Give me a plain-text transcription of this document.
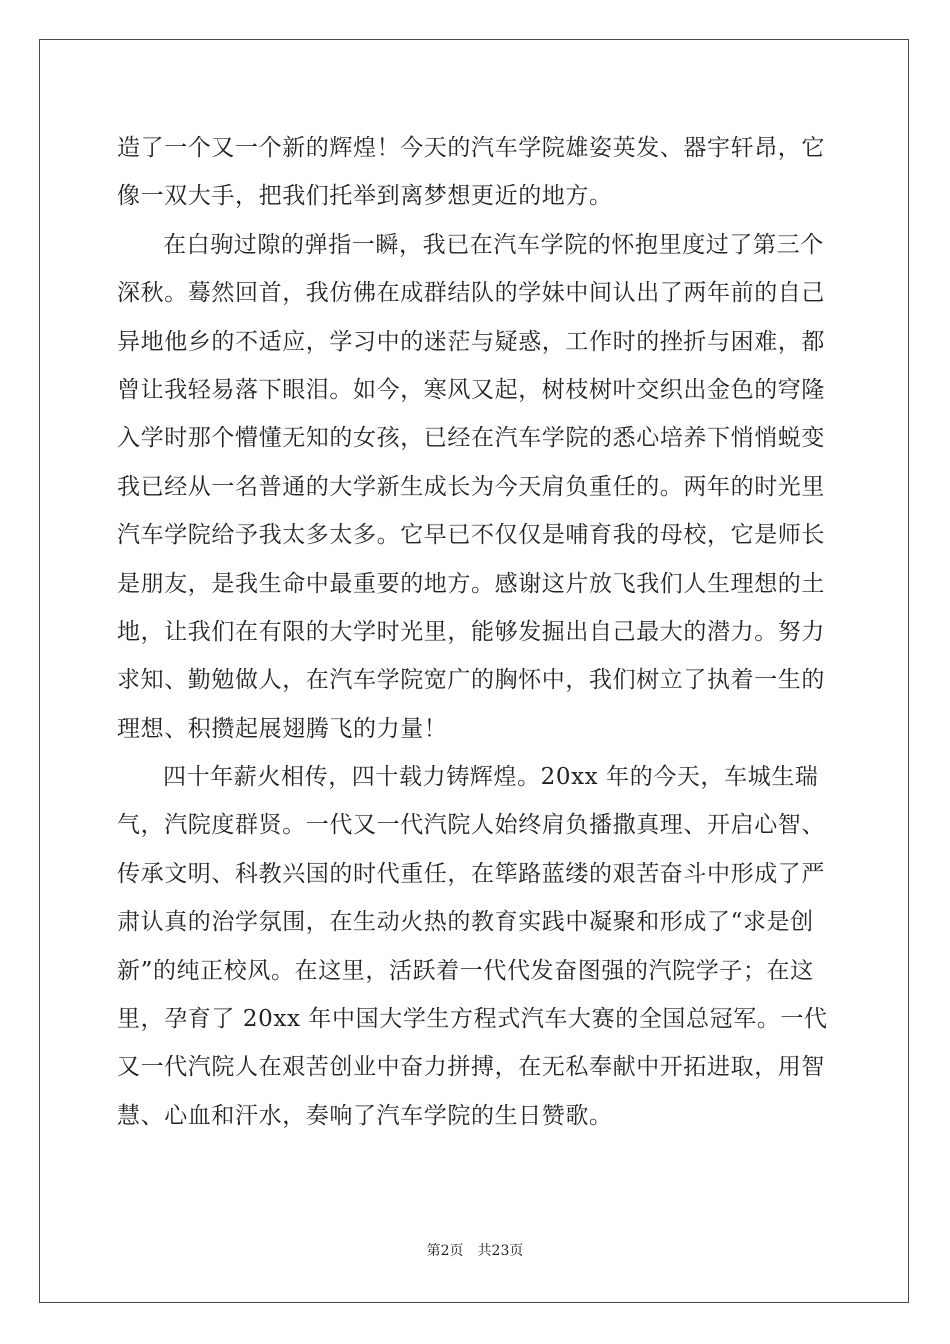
造了一个又一个新的辉煌！今天的汽车学院雄姿英发、器宇轩昂，它
像一双大手，把我们托举到离梦想更近的地方。
在白驹过隙的弹指一瞬，我已在汽车学院的怀抱里度过了第三个
深秋。蓦然回首，我仿佛在成群结队的学妹中间认出了两年前的自己
异地他乡的不适应，学习中的迷茫与疑惑，工作时的挫折与困难，都
曾让我轻易落下眼泪。如今，寒风又起，树枝树叶交织出金色的穹隆
入学时那个懵懂无知的女孩，已经在汽车学院的悉心培养下悄悄蜕变
我已经从一名普通的大学新生成长为今天肩负重任的。两年的时光里
汽车学院给予我太多太多。它早已不仅仅是哺育我的母校，它是师长
是朋友，是我生命中最重要的地方。感谢这片放飞我们人生理想的土
地，让我们在有限的大学时光里，能够发掘出自己最大的潜力。努力
求知、勤勉做人，在汽车学院宽广的胸怀中，我们树立了执着一生的
理想、积攒起展翅腾飞的力量！
四十年薪火相传，四十载力铸辉煌。20xx 年的今天，车城生瑞
气，汽院度群贤。一代又一代汽院人始终肩负播撒真理、开启心智、
传承文明、科教兴国的时代重任，在筚路蓝缕的艰苦奋斗中形成了严
肃认真的治学氛围，在生动火热的教育实践中凝聚和形成了“求是创
新”的纯正校风。在这里，活跃着一代代发奋图强的汽院学子；在这
里，孕育了 20xx 年中国大学生方程式汽车大赛的全国总冠军。一代
又一代汽院人在艰苦创业中奋力拼搏，在无私奉献中开拓进取，用智
慧、心血和汗水，奏响了汽车学院的生日赞歌。
第2页　共23页
